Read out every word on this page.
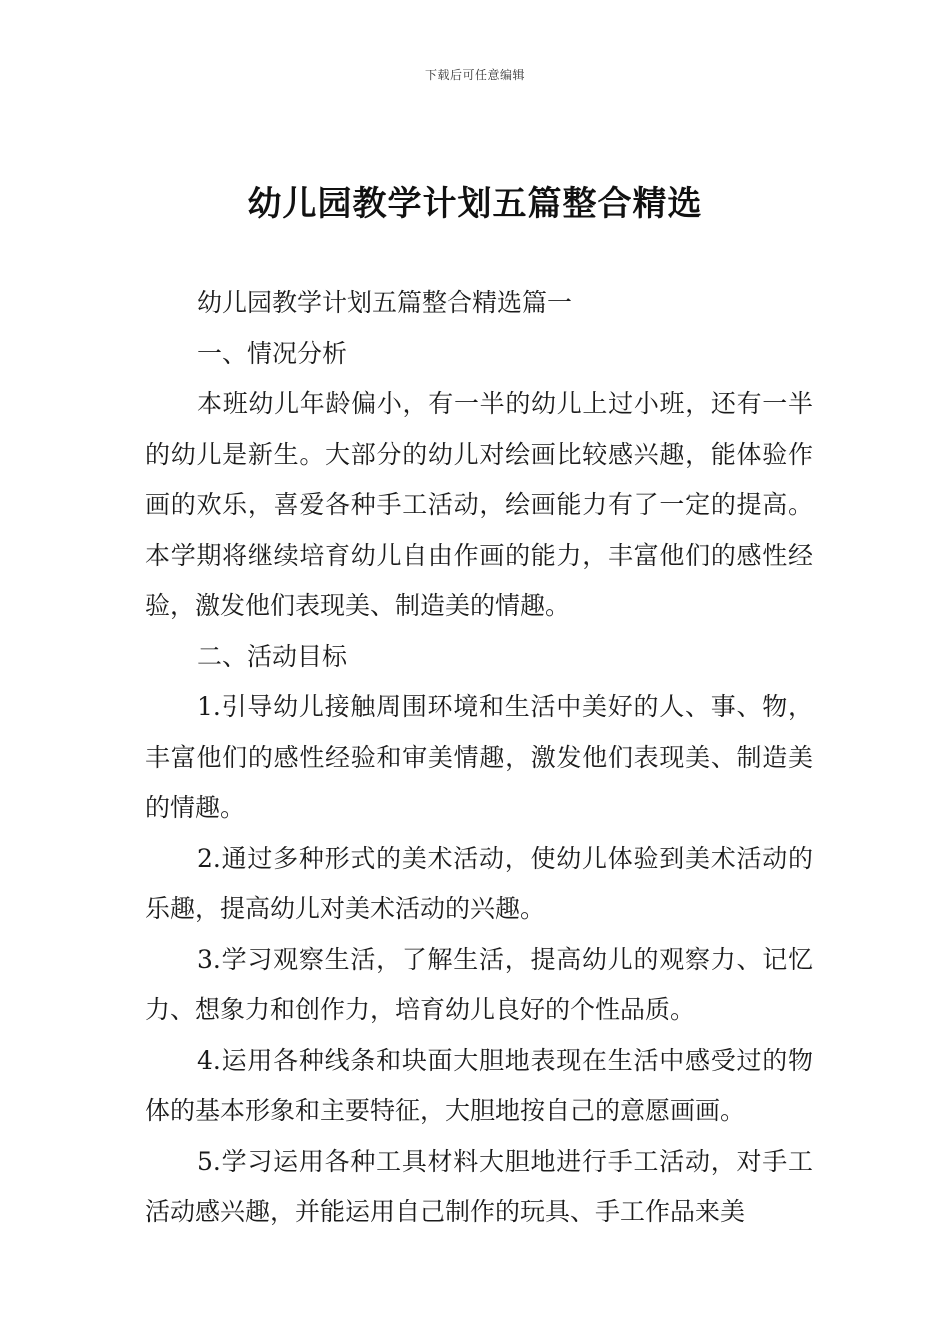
下载后可任意编辑
幼儿园教学计划五篇整合精选

幼儿园教学计划五篇整合精选篇一

一、情况分析

本班幼儿年龄偏小，有一半的幼儿上过小班，还有一半的幼儿是新生。大部分的幼儿对绘画比较感兴趣，能体验作画的欢乐，喜爱各种手工活动，绘画能力有了一定的提高。本学期将继续培育幼儿自由作画的能力，丰富他们的感性经验，激发他们表现美、制造美的情趣。

二、活动目标

1.引导幼儿接触周围环境和生活中美好的人、事、物，丰富他们的感性经验和审美情趣，激发他们表现美、制造美的情趣。

2.通过多种形式的美术活动，使幼儿体验到美术活动的乐趣，提高幼儿对美术活动的兴趣。

3.学习观察生活，了解生活，提高幼儿的观察力、记忆力、想象力和创作力，培育幼儿良好的个性品质。

4.运用各种线条和块面大胆地表现在生活中感受过的物体的基本形象和主要特征，大胆地按自己的意愿画画。

5.学习运用各种工具材料大胆地进行手工活动，对手工活动感兴趣，并能运用自己制作的玩具、手工作品来美
